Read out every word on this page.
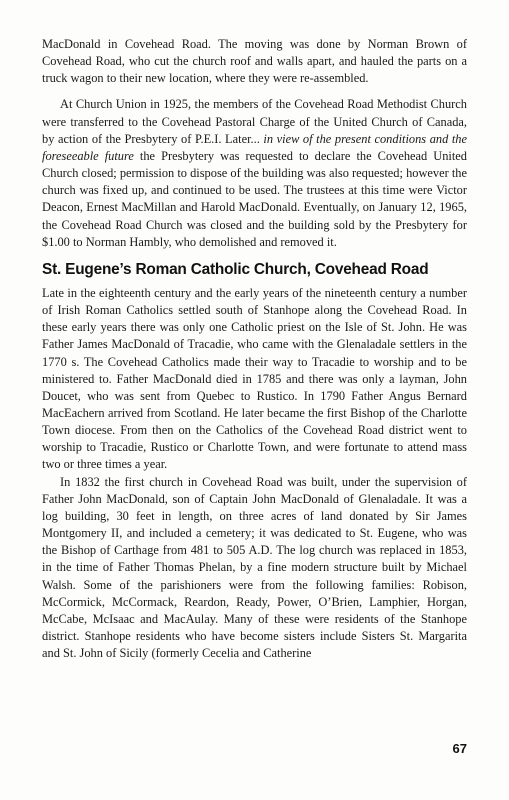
MacDonald in Covehead Road. The moving was done by Norman Brown of Covehead Road, who cut the church roof and walls apart, and hauled the parts on a truck wagon to their new location, where they were re-assembled.

At Church Union in 1925, the members of the Covehead Road Methodist Church were transferred to the Covehead Pastoral Charge of the United Church of Canada, by action of the Presbytery of P.E.I. Later... in view of the present conditions and the foreseeable future the Presbytery was requested to declare the Covehead United Church closed; permission to dispose of the building was also requested; however the church was fixed up, and continued to be used. The trustees at this time were Victor Deacon, Ernest MacMillan and Harold MacDonald. Eventually, on January 12, 1965, the Covehead Road Church was closed and the building sold by the Presbytery for $1.00 to Norman Hambly, who demolished and removed it.

St. Eugene’s Roman Catholic Church, Covehead Road

Late in the eighteenth century and the early years of the nineteenth century a number of Irish Roman Catholics settled south of Stanhope along the Covehead Road. In these early years there was only one Catholic priest on the Isle of St. John. He was Father James MacDonald of Tracadie, who came with the Glenaladale settlers in the 1770 s. The Covehead Catholics made their way to Tracadie to worship and to be ministered to. Father MacDonald died in 1785 and there was only a layman, John Doucet, who was sent from Quebec to Rustico. In 1790 Father Angus Bernard MacEachern arrived from Scotland. He later became the first Bishop of the Charlotte Town diocese. From then on the Catholics of the Covehead Road district went to worship to Tracadie, Rustico or Charlotte Town, and were fortunate to attend mass two or three times a year.

In 1832 the first church in Covehead Road was built, under the supervision of Father John MacDonald, son of Captain John MacDonald of Glenaladale. It was a log building, 30 feet in length, on three acres of land donated by Sir James Montgomery II, and included a cemetery; it was dedicated to St. Eugene, who was the Bishop of Carthage from 481 to 505 A.D. The log church was replaced in 1853, in the time of Father Thomas Phelan, by a fine modern structure built by Michael Walsh. Some of the parishioners were from the following families: Robison, McCormick, McCormack, Reardon, Ready, Power, O’Brien, Lamphier, Horgan, McCabe, McIsaac and MacAulay. Many of these were residents of the Stanhope district. Stanhope residents who have become sisters include Sisters St. Margarita and St. John of Sicily (formerly Cecelia and Catherine

67
